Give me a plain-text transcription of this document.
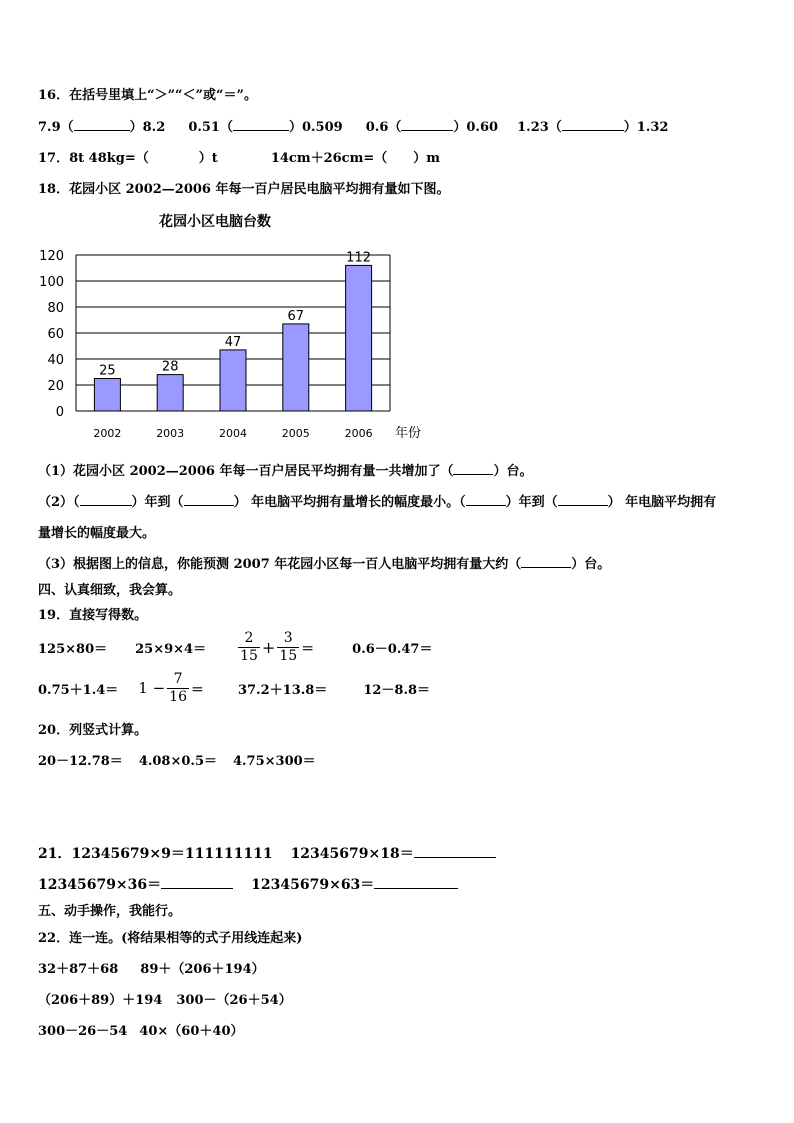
16．在括号里填上“＞”“＜”或“＝”。
7.9（	）8.2 0.51（	）0.509 0.6（	）0.60 1.23（	）1.32
17．8t 48kg=（	）t	14cm＋26cm=（ ）m
18．花园小区 2002—2006 年每一百户居民电脑平均拥有量如下图。
花园小区电脑台数
0
20
40
60
80
100
120
25	28
47
67
112
2002	2003	2004	2005	2006 年份
（1）花园小区 2002—2006 年每一百户居民平均拥有量一共增加了（	）台。
（2）（	）年到（	） 年电脑平均拥有量增长的幅度最小。（	）年到（	） 年电脑平均拥有
量增长的幅度最大。
（3）根据图上的信息，你能预测 2007 年花园小区每一百人电脑平均拥有量大约（	）台。
四、认真细致，我会算。
19．直接写得数。
$125\times 80= 25\times 9\times 4= \frac{2}{15} + \frac{3}{15}$ ＝	0.6－0.47＝
$0.75+1.4= 1 - \frac{7}{16}$ ＝	37.2＋13.8＝	12－8.8＝
20．列竖式计算。
20－12.78＝ 4.08×0.5＝ 4.75×300＝
21．12345679×9＝111111111 12345679×18＝
12345679×36＝	12345679×63＝
五、动手操作，我能行。
22．连一连。(将结果相等的式子用线连起来)
32＋87＋68 89＋（206＋194）
（206＋89）＋194 300－（26＋54）
300－26－54 40×（60＋40）
